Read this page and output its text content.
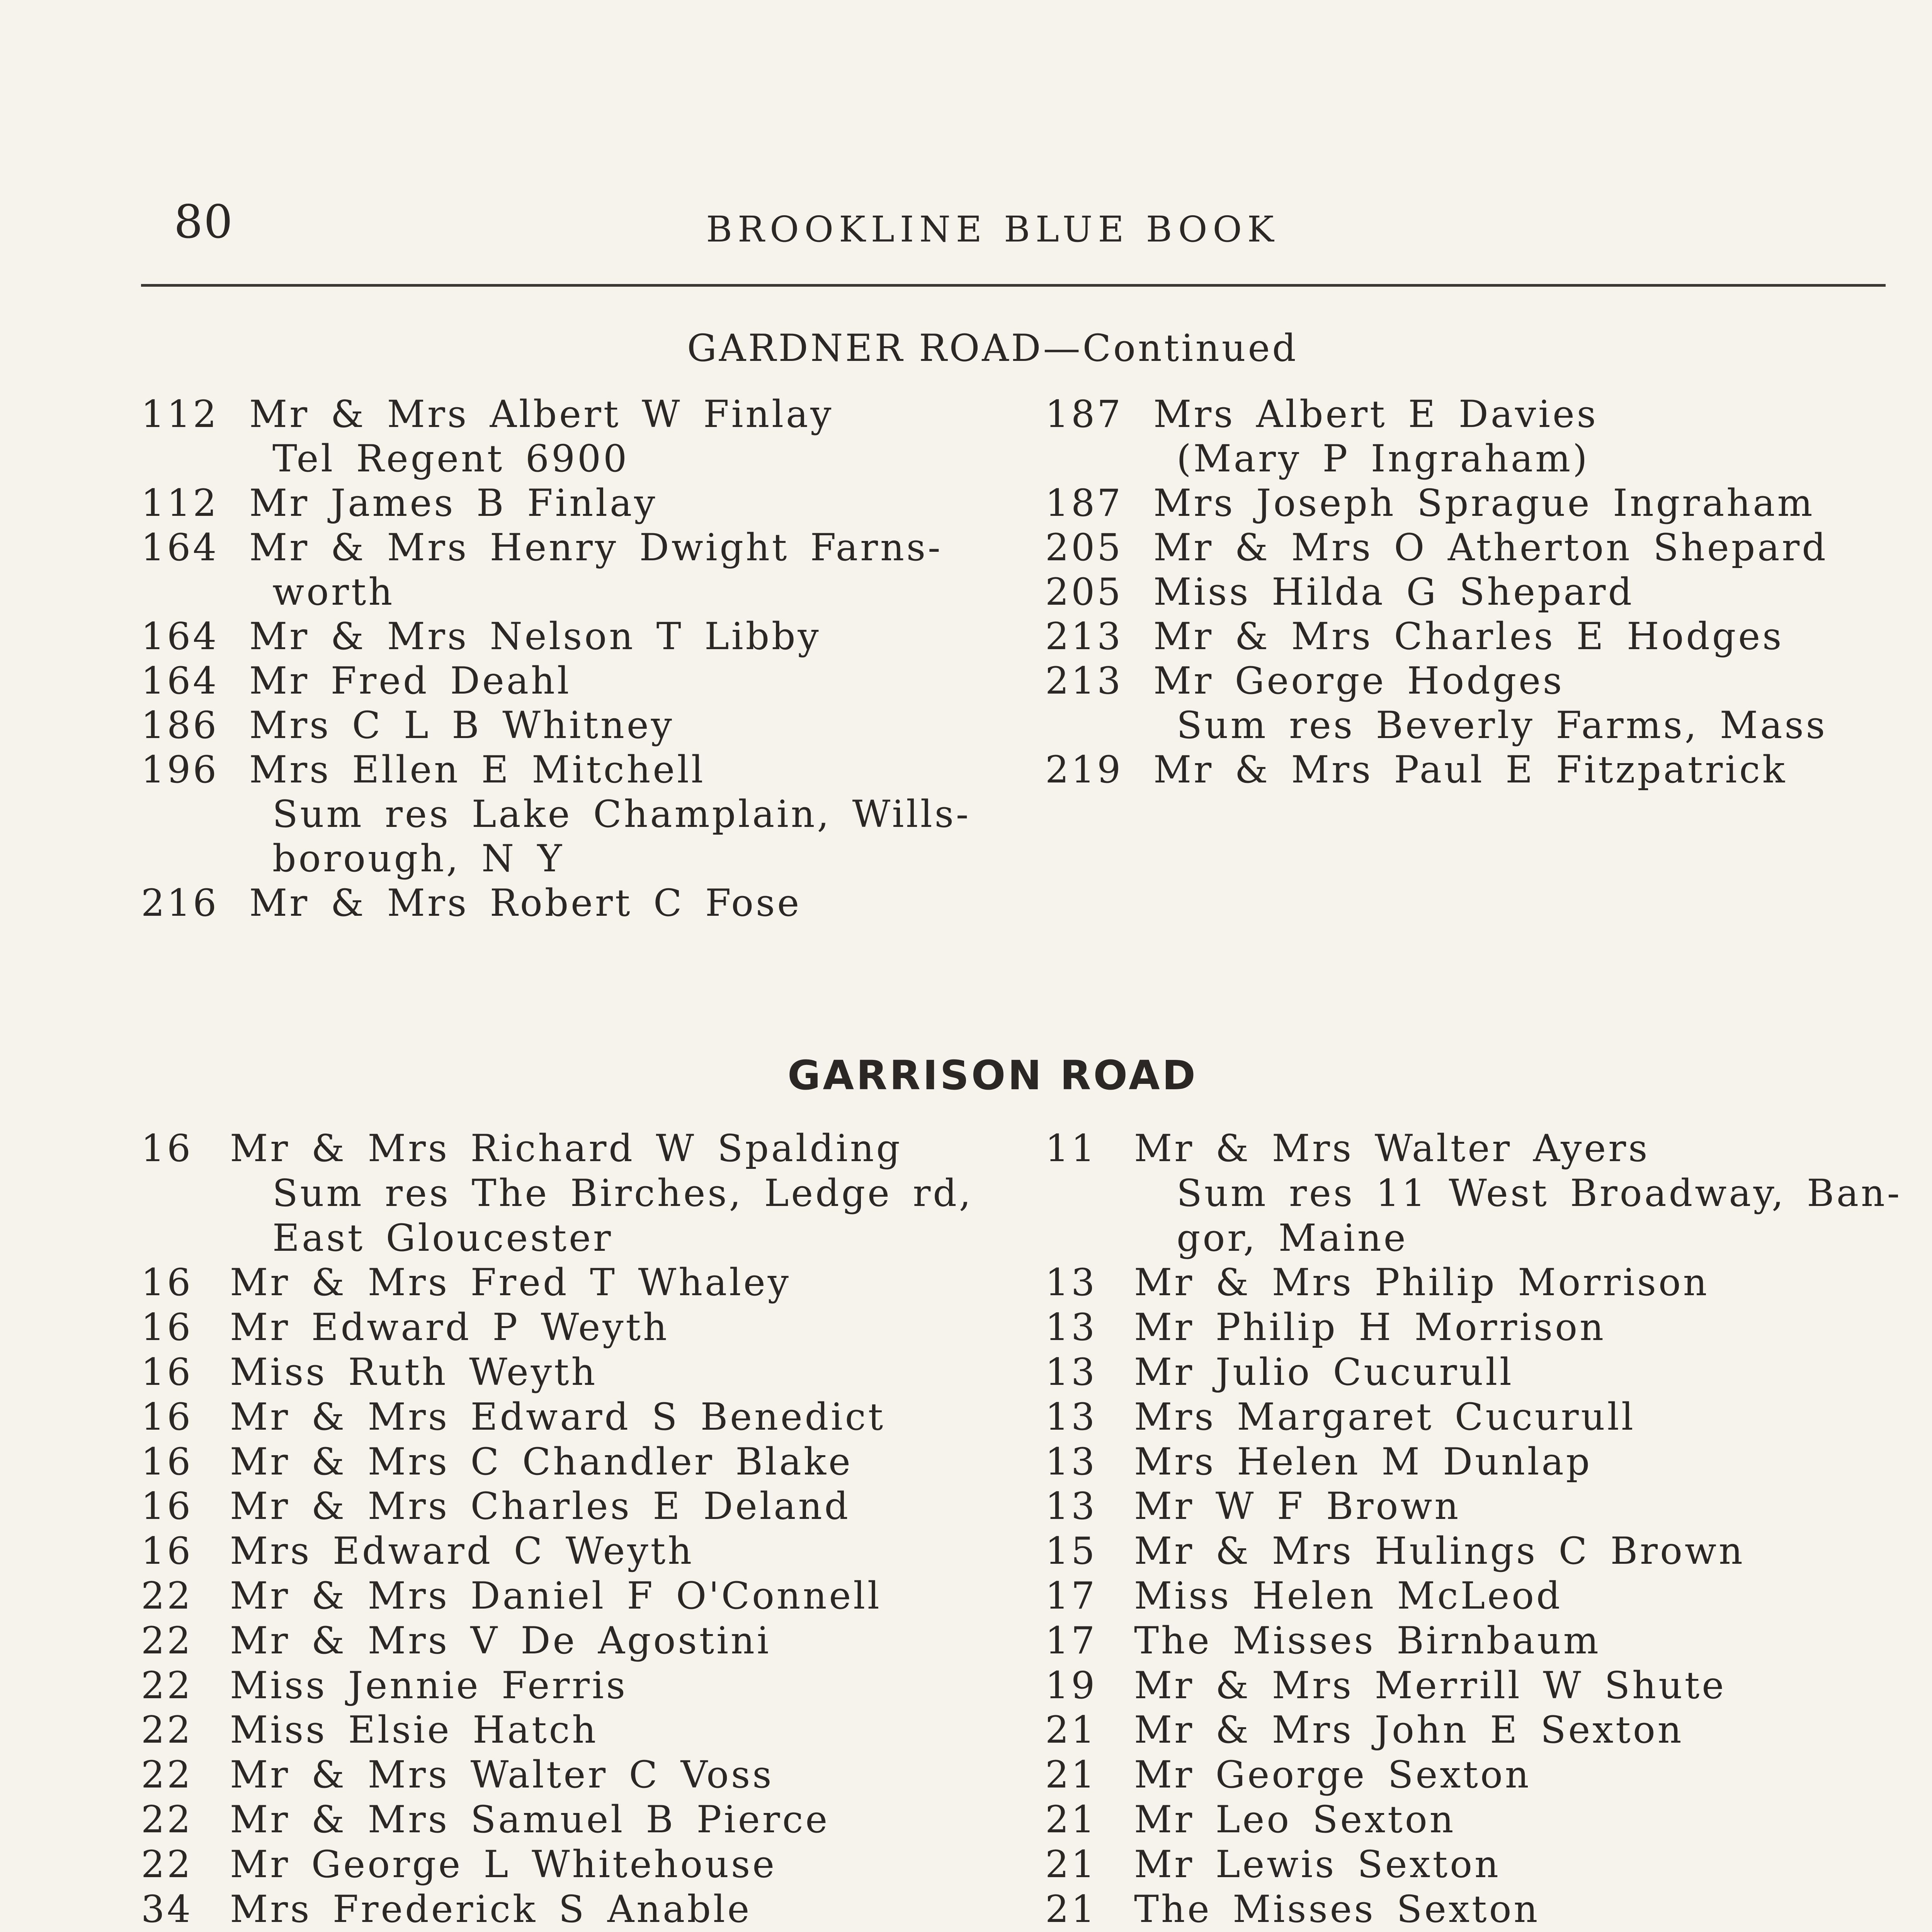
80	BROOKLINE BLUE BOOK
GARDNER ROAD—Continued
112 Mr & Mrs Albert W Finlay
Tel Regent 6900
112 Mr James B Finlay
164 Mr & Mrs Henry Dwight Farns-
worth
164 Mr & Mrs Nelson T Libby
164 Mr Fred Deahl
186 Mrs C L B Whitney
196 Mrs Ellen E Mitchell
Sum res Lake Champlain, Wills-
borough, N Y
216 Mr & Mrs Robert C Fose
187 Mrs Albert E Davies
(Mary P Ingraham)
187 Mrs Joseph Sprague Ingraham
205 Mr & Mrs O Atherton Shepard
205 Miss Hilda G Shepard
213 Mr & Mrs Charles E Hodges
213 Mr George Hodges
Sum res Beverly Farms, Mass
219 Mr & Mrs Paul E Fitzpatrick
GARRISON ROAD
16 Mr & Mrs Richard W Spalding
Sum res The Birches, Ledge rd,
East Gloucester
16 Mr & Mrs Fred T Whaley
16 Mr Edward P Weyth
16 Miss Ruth Weyth
16 Mr & Mrs Edward S Benedict
16 Mr & Mrs C Chandler Blake
16 Mr & Mrs Charles E Deland
16 Mrs Edward C Weyth
22 Mr & Mrs Daniel F O'Connell
22 Mr & Mrs V De Agostini
22 Miss Jennie Ferris
22 Miss Elsie Hatch
22 Mr & Mrs Walter C Voss
22 Mr & Mrs Samuel B Pierce
22 Mr George L Whitehouse
34 Mrs Frederick S Anable
11 Mr & Mrs Walter Ayers
Sum res 11 West Broadway, Ban-
gor, Maine
13 Mr & Mrs Philip Morrison
13 Mr Philip H Morrison
13 Mr Julio Cucurull
13 Mrs Margaret Cucurull
13 Mrs Helen M Dunlap
13 Mr W F Brown
15 Mr & Mrs Hulings C Brown
17 Miss Helen McLeod
17 The Misses Birnbaum
19 Mr & Mrs Merrill W Shute
21 Mr & Mrs John E Sexton
21 Mr George Sexton
21 Mr Leo Sexton
21 Mr Lewis Sexton
21 The Misses Sexton
